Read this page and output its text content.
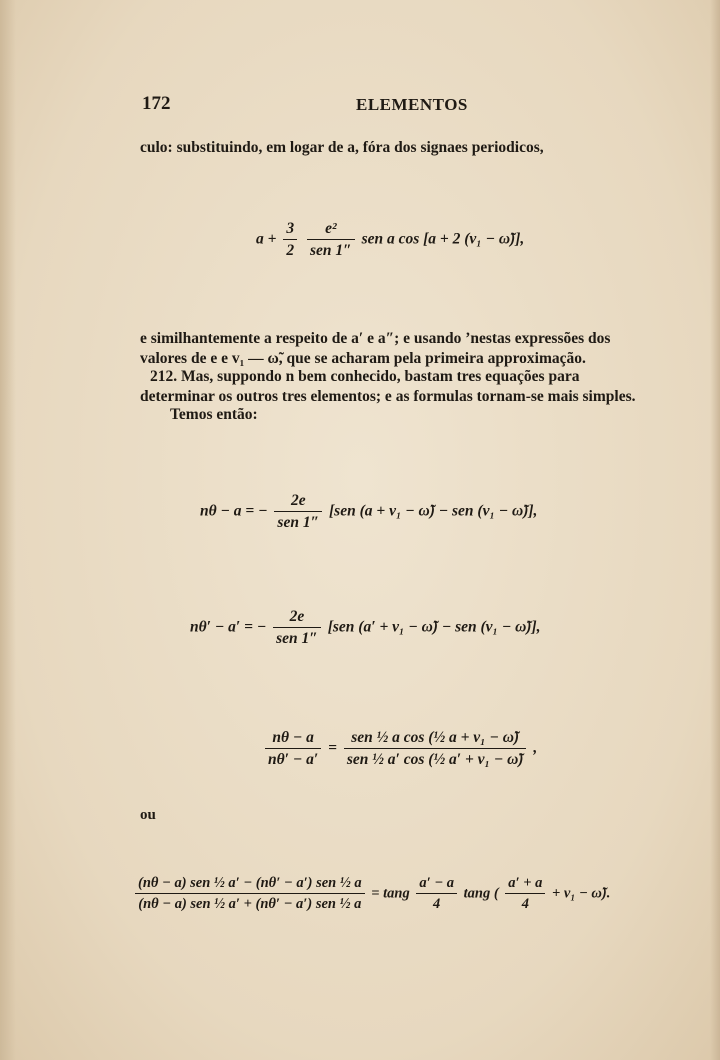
172	ELEMENTOS
culo: substituindo, em logar de a, fóra dos signaes periodicos,
$a + \frac{3}{2}$
$\frac{\text{e²}}{\text{sen 1″}}$ sen a cos [a + 2 (v₁ − ω̃)],
e similhantemente a respeito de a′ e a″; e usando ’nestas expressões dos
valores de e e v₁ — ω̃, que se acharam pela primeira approximação.
212. Mas, suppondo n bem conhecido, bastam tres equações para
determinar os outros tres elementos; e as formulas tornam-se mais simples.
Temos então:
nθ − a = − $\frac{2e}{\text{sen 1″}} [sen$ (a + v₁ − ω̃) − sen (v₁ − ω̃)],
nθ′ − a′ = − $\frac{2e}{\text{sen 1″}} [sen$ (a′ + v₁ − ω̃) − sen (v₁ − ω̃)],
$\frac{n\theta - a}{n\theta' - a'} = \frac{\text{sen ½ a cos (½ a + v₁ − ω̃)}}{\text{sen ½ a′ cos (½ a′ + v₁ − ω̃)}}$ ,
ou
$\frac{\text{(nθ − a) sen ½ a′ − (nθ′ − a′) sen ½ a}}{\text{(nθ − a) sen ½ a′ + (nθ′ − a′) sen ½ a}} = \tan g \frac{a' - a}{4}$ tang ( $\frac{a' + a}{4} + v_1$ − ω̃).
